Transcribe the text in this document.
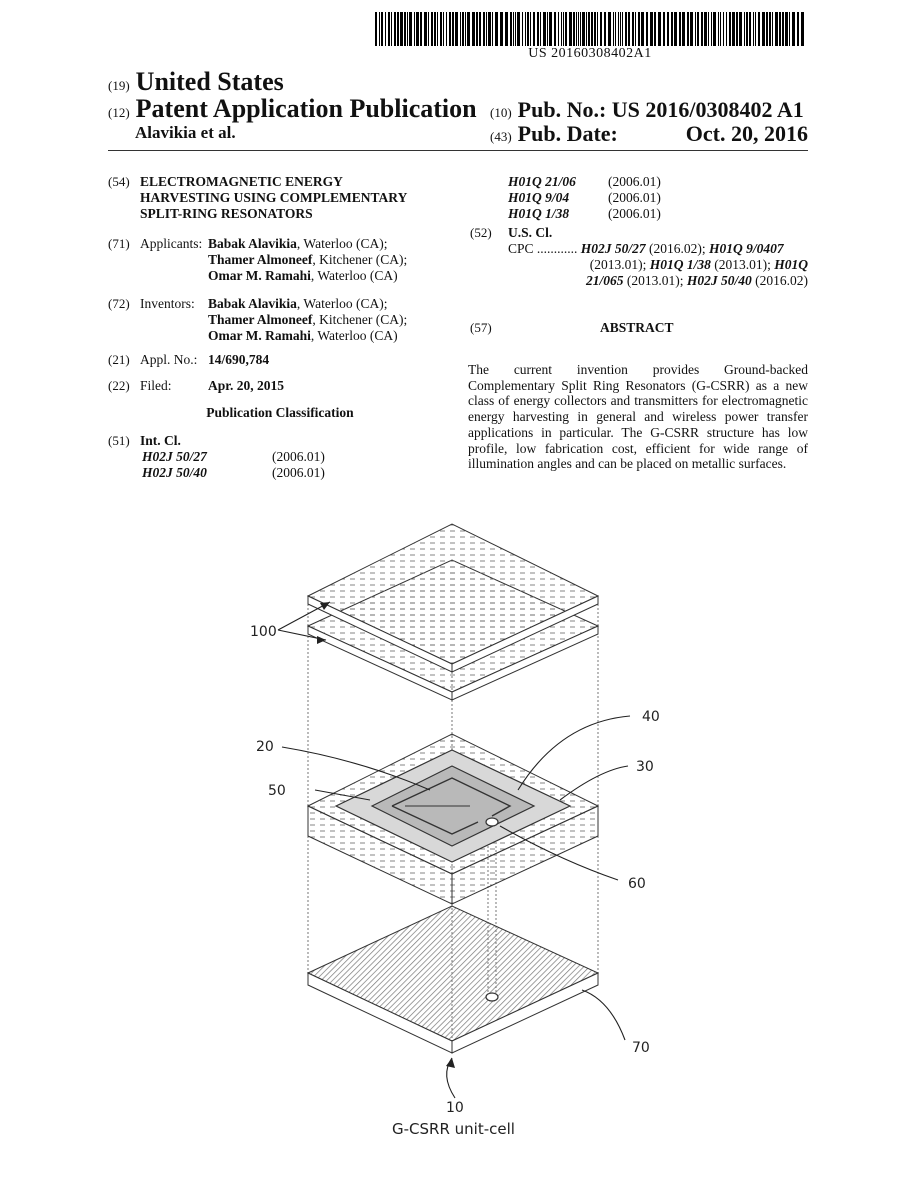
US 20160308402A1
(19) United States
(12) Patent Application Publication
Alavikia et al.
(10) Pub. No.: US 2016/0308402 A1
(43) Pub. Date:	Oct. 20, 2016
(54) ELECTROMAGNETIC ENERGY
HARVESTING USING COMPLEMENTARY
SPLIT-RING RESONATORS
(71) Applicants: Babak Alavikia, Waterloo (CA);
Thamer Almoneef, Kitchener (CA);
Omar M. Ramahi, Waterloo (CA)
(72) Inventors: Babak Alavikia, Waterloo (CA);
Thamer Almoneef, Kitchener (CA);
Omar M. Ramahi, Waterloo (CA)
(21) Appl. No.: 14/690,784
(22) Filed:	Apr. 20, 2015
Publication Classification
(51) Int. Cl.
H02J 50/27	(2006.01)
H02J 50/40	(2006.01)
H01Q 21/06 (2006.01)
H01Q 9/04	(2006.01)
H01Q 1/38	(2006.01)
(52) U.S. Cl.
CPC ............ H02J 50/27 (2016.02); H01Q 9/0407
(2013.01); H01Q 1/38 (2013.01); H01Q
21/065 (2013.01); H02J 50/40 (2016.02)
(57)	ABSTRACT
The current invention provides Ground-backed Complementary Split Ring Resonators (G-CSRR) as a new class of energy collectors and transmitters for electromagnetic energy harvesting in general and wireless power transfer applications in particular. The G-CSRR structure has low profile, low fabrication cost, efficient for wide range of illumination angles and can be placed on metallic surfaces.
100
40
20
30
50
60
70
10
G-CSRR unit-cell
